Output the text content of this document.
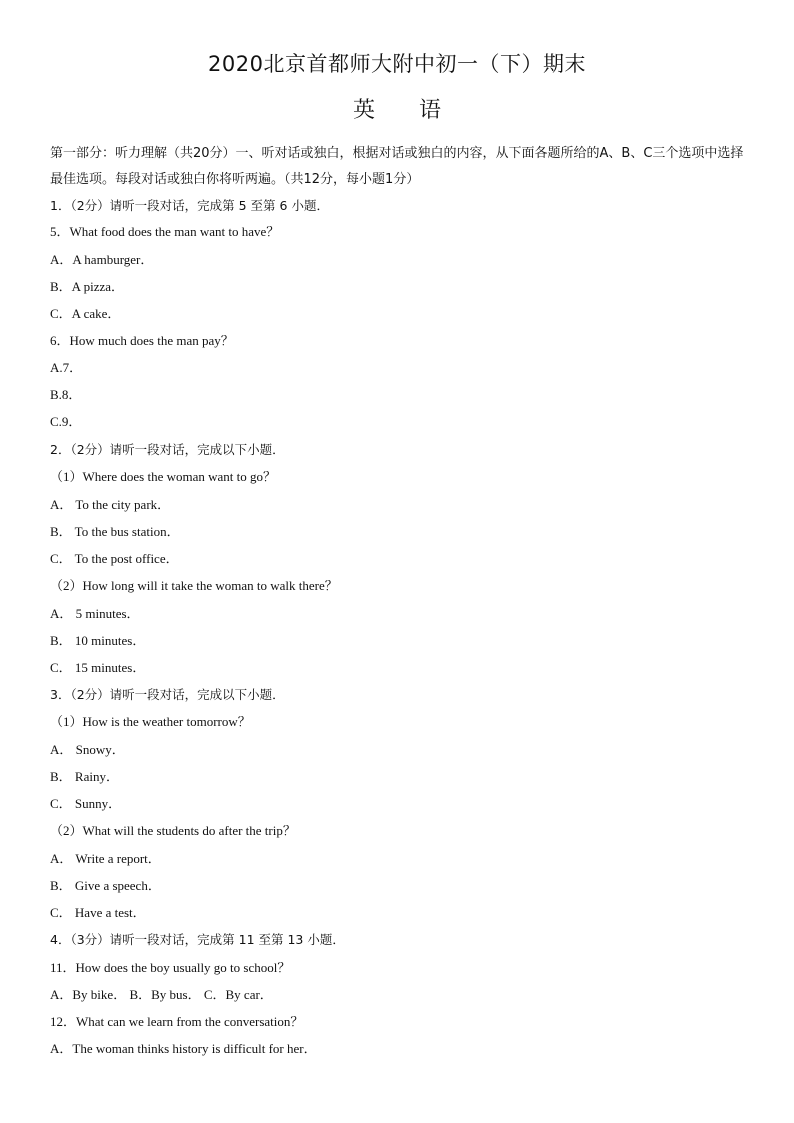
2020北京首都师大附中初一（下）期末
英语
第一部分：听力理解（共20分）一、听对话或独白，根据对话或独白的内容，从下面各题所给的A、B、C三个选项中选择 最佳选项。每段对话或独白你将听两遍。（共12分，每小题1分）
1．（2分）请听一段对话，完成第 5 至第 6 小题．
5．What food does the man want to have？
A．A hamburger．
B．A pizza．
C．A cake．
6．How much does the man pay？
A.7．
B.8．
C.9．
2．（2分）请听一段对话，完成以下小题．
（1）Where does the woman want to go？
A． To the city park．
B． To the bus station．
C． To the post office．
（2）How long will it take the woman to walk there？
A． 5 minutes．
B． 10 minutes．
C． 15 minutes．
3．（2分）请听一段对话，完成以下小题．
（1）How is the weather tomorrow？
A． Snowy．
B． Rainy．
C． Sunny．
（2）What will the students do after the trip？
A． Write a report．
B． Give a speech．
C． Have a test．
4．（3分）请听一段对话，完成第 11 至第 13 小题．
11．How does the boy usually go to school？
A．By bike． B．By bus． C．By car．
12．What can we learn from the conversation？
A．The woman thinks history is difficult for her．
